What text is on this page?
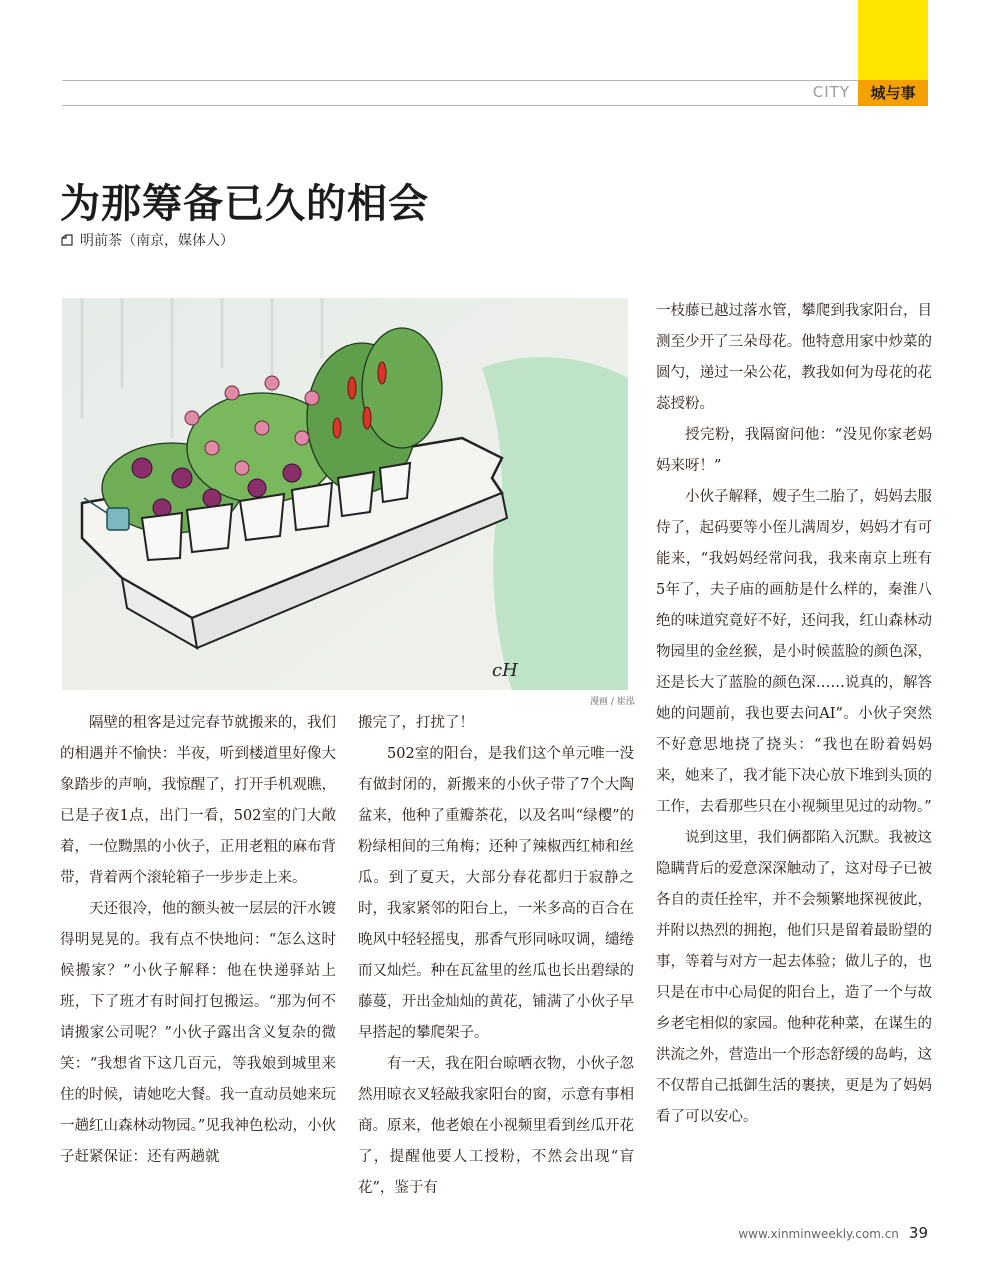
CITY	城与事
为那筹备已久的相会
明前茶（南京，媒体人）
cH
漫画 / 崔泓

隔壁的租客是过完春节就搬来的，我们的相遇并不愉快：半夜，听到楼道里好像大象踏步的声响，我惊醒了，打开手机观瞧，已是子夜1点，出门一看，502室的门大敞着，一位黝黑的小伙子，正用老粗的麻布背带，背着两个滚轮箱子一步步走上来。

天还很冷，他的额头被一层层的汗水镀得明晃晃的。我有点不快地问：“怎么这时候搬家？”小伙子解释：他在快递驿站上班，下了班才有时间打包搬运。“那为何不请搬家公司呢？”小伙子露出含义复杂的微笑：“我想省下这几百元，等我娘到城里来住的时候，请她吃大餐。我一直动员她来玩一趟红山森林动物园。”见我神色松动，小伙子赶紧保证：还有两趟就

搬完了，打扰了！

502室的阳台，是我们这个单元唯一没有做封闭的，新搬来的小伙子带了7个大陶盆来，他种了重瓣茶花，以及名叫“绿樱”的粉绿相间的三角梅；还种了辣椒西红柿和丝瓜。到了夏天，大部分春花都归于寂静之时，我家紧邻的阳台上，一米多高的百合在晚风中轻轻摇曳，那香气形同咏叹调，缱绻而又灿烂。种在瓦盆里的丝瓜也长出碧绿的藤蔓，开出金灿灿的黄花，铺满了小伙子早早搭起的攀爬架子。

有一天，我在阳台晾晒衣物，小伙子忽然用晾衣叉轻敲我家阳台的窗，示意有事相商。原来，他老娘在小视频里看到丝瓜开花了，提醒他要人工授粉，不然会出现“盲花”，鉴于有

一枝藤已越过落水管，攀爬到我家阳台，目测至少开了三朵母花。他特意用家中炒菜的圆勺，递过一朵公花，教我如何为母花的花蕊授粉。

授完粉，我隔窗问他：“没见你家老妈妈来呀！”

小伙子解释，嫂子生二胎了，妈妈去服侍了，起码要等小侄儿满周岁，妈妈才有可能来，“我妈妈经常问我，我来南京上班有5年了，夫子庙的画舫是什么样的，秦淮八绝的味道究竟好不好，还问我，红山森林动物园里的金丝猴，是小时候蓝脸的颜色深，还是长大了蓝脸的颜色深……说真的，解答她的问题前，我也要去问AI”。小伙子突然不好意思地挠了挠头：“我也在盼着妈妈来，她来了，我才能下决心放下堆到头顶的工作，去看那些只在小视频里见过的动物。”

说到这里，我们俩都陷入沉默。我被这隐瞒背后的爱意深深触动了，这对母子已被各自的责任拴牢，并不会频繁地探视彼此，并附以热烈的拥抱，他们只是留着最盼望的事，等着与对方一起去体验；做儿子的，也只是在市中心局促的阳台上，造了一个与故乡老宅相似的家园。他种花种菜，在谋生的洪流之外，营造出一个形态舒缓的岛屿，这不仅帮自己抵御生活的裹挟，更是为了妈妈看了可以安心。

www.xinminweekly.com.cn 39
